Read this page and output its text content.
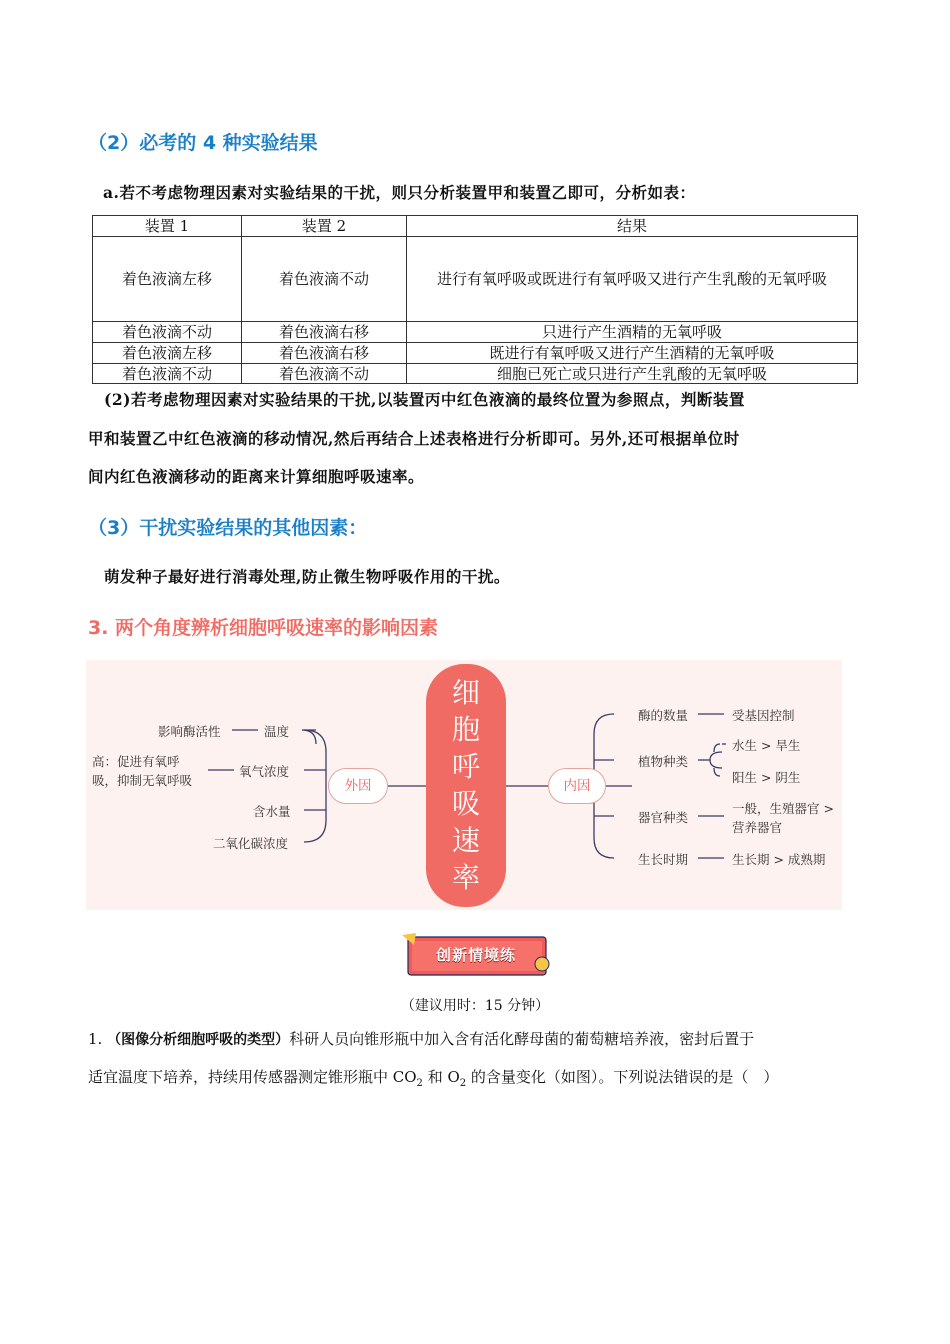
（2）必考的 4 种实验结果
a.若不考虑物理因素对实验结果的干扰，则只分析装置甲和装置乙即可，分析如表：
装置 1	装置 2	结果
着色液滴左移	着色液滴不动	进行有氧呼吸或既进行有氧呼吸又进行产生乳酸的无氧呼吸
着色液滴不动	着色液滴右移	只进行产生酒精的无氧呼吸
着色液滴左移	着色液滴右移	既进行有氧呼吸又进行产生酒精的无氧呼吸
着色液滴不动	着色液滴不动	细胞已死亡或只进行产生乳酸的无氧呼吸
(2)若考虑物理因素对实验结果的干扰,以装置丙中红色液滴的最终位置为参照点，判断装置
甲和装置乙中红色液滴的移动情况,然后再结合上述表格进行分析即可。另外,还可根据单位时
间内红色液滴移动的距离来计算细胞呼吸速率。
（3）干扰实验结果的其他因素：
萌发种子最好进行消毒处理,防止微生物呼吸作用的干扰。
3. 两个角度辨析细胞呼吸速率的影响因素
影响酶活性	温度
高：促进有氧呼
吸，抑制无氧呼吸
氧气浓度
含水量
二氧化碳浓度
外因
细
胞
呼
吸
速
率
内因
酶的数量	受基因控制
植物种类
水生 > 旱生
阳生 > 阴生
器官种类
一般，生殖器官 >
营养器官
生长时期	生长期 > 成熟期
创新情境练
（建议用时：15 分钟）
1. （图像分析细胞呼吸的类型）科研人员向锥形瓶中加入含有活化酵母菌的葡萄糖培养液，密封后置于
适宜温度下培养，持续用传感器测定锥形瓶中 $CO_2$ 和 $O_2$ 的含量变化（如图）。下列说法错误的是（　）
